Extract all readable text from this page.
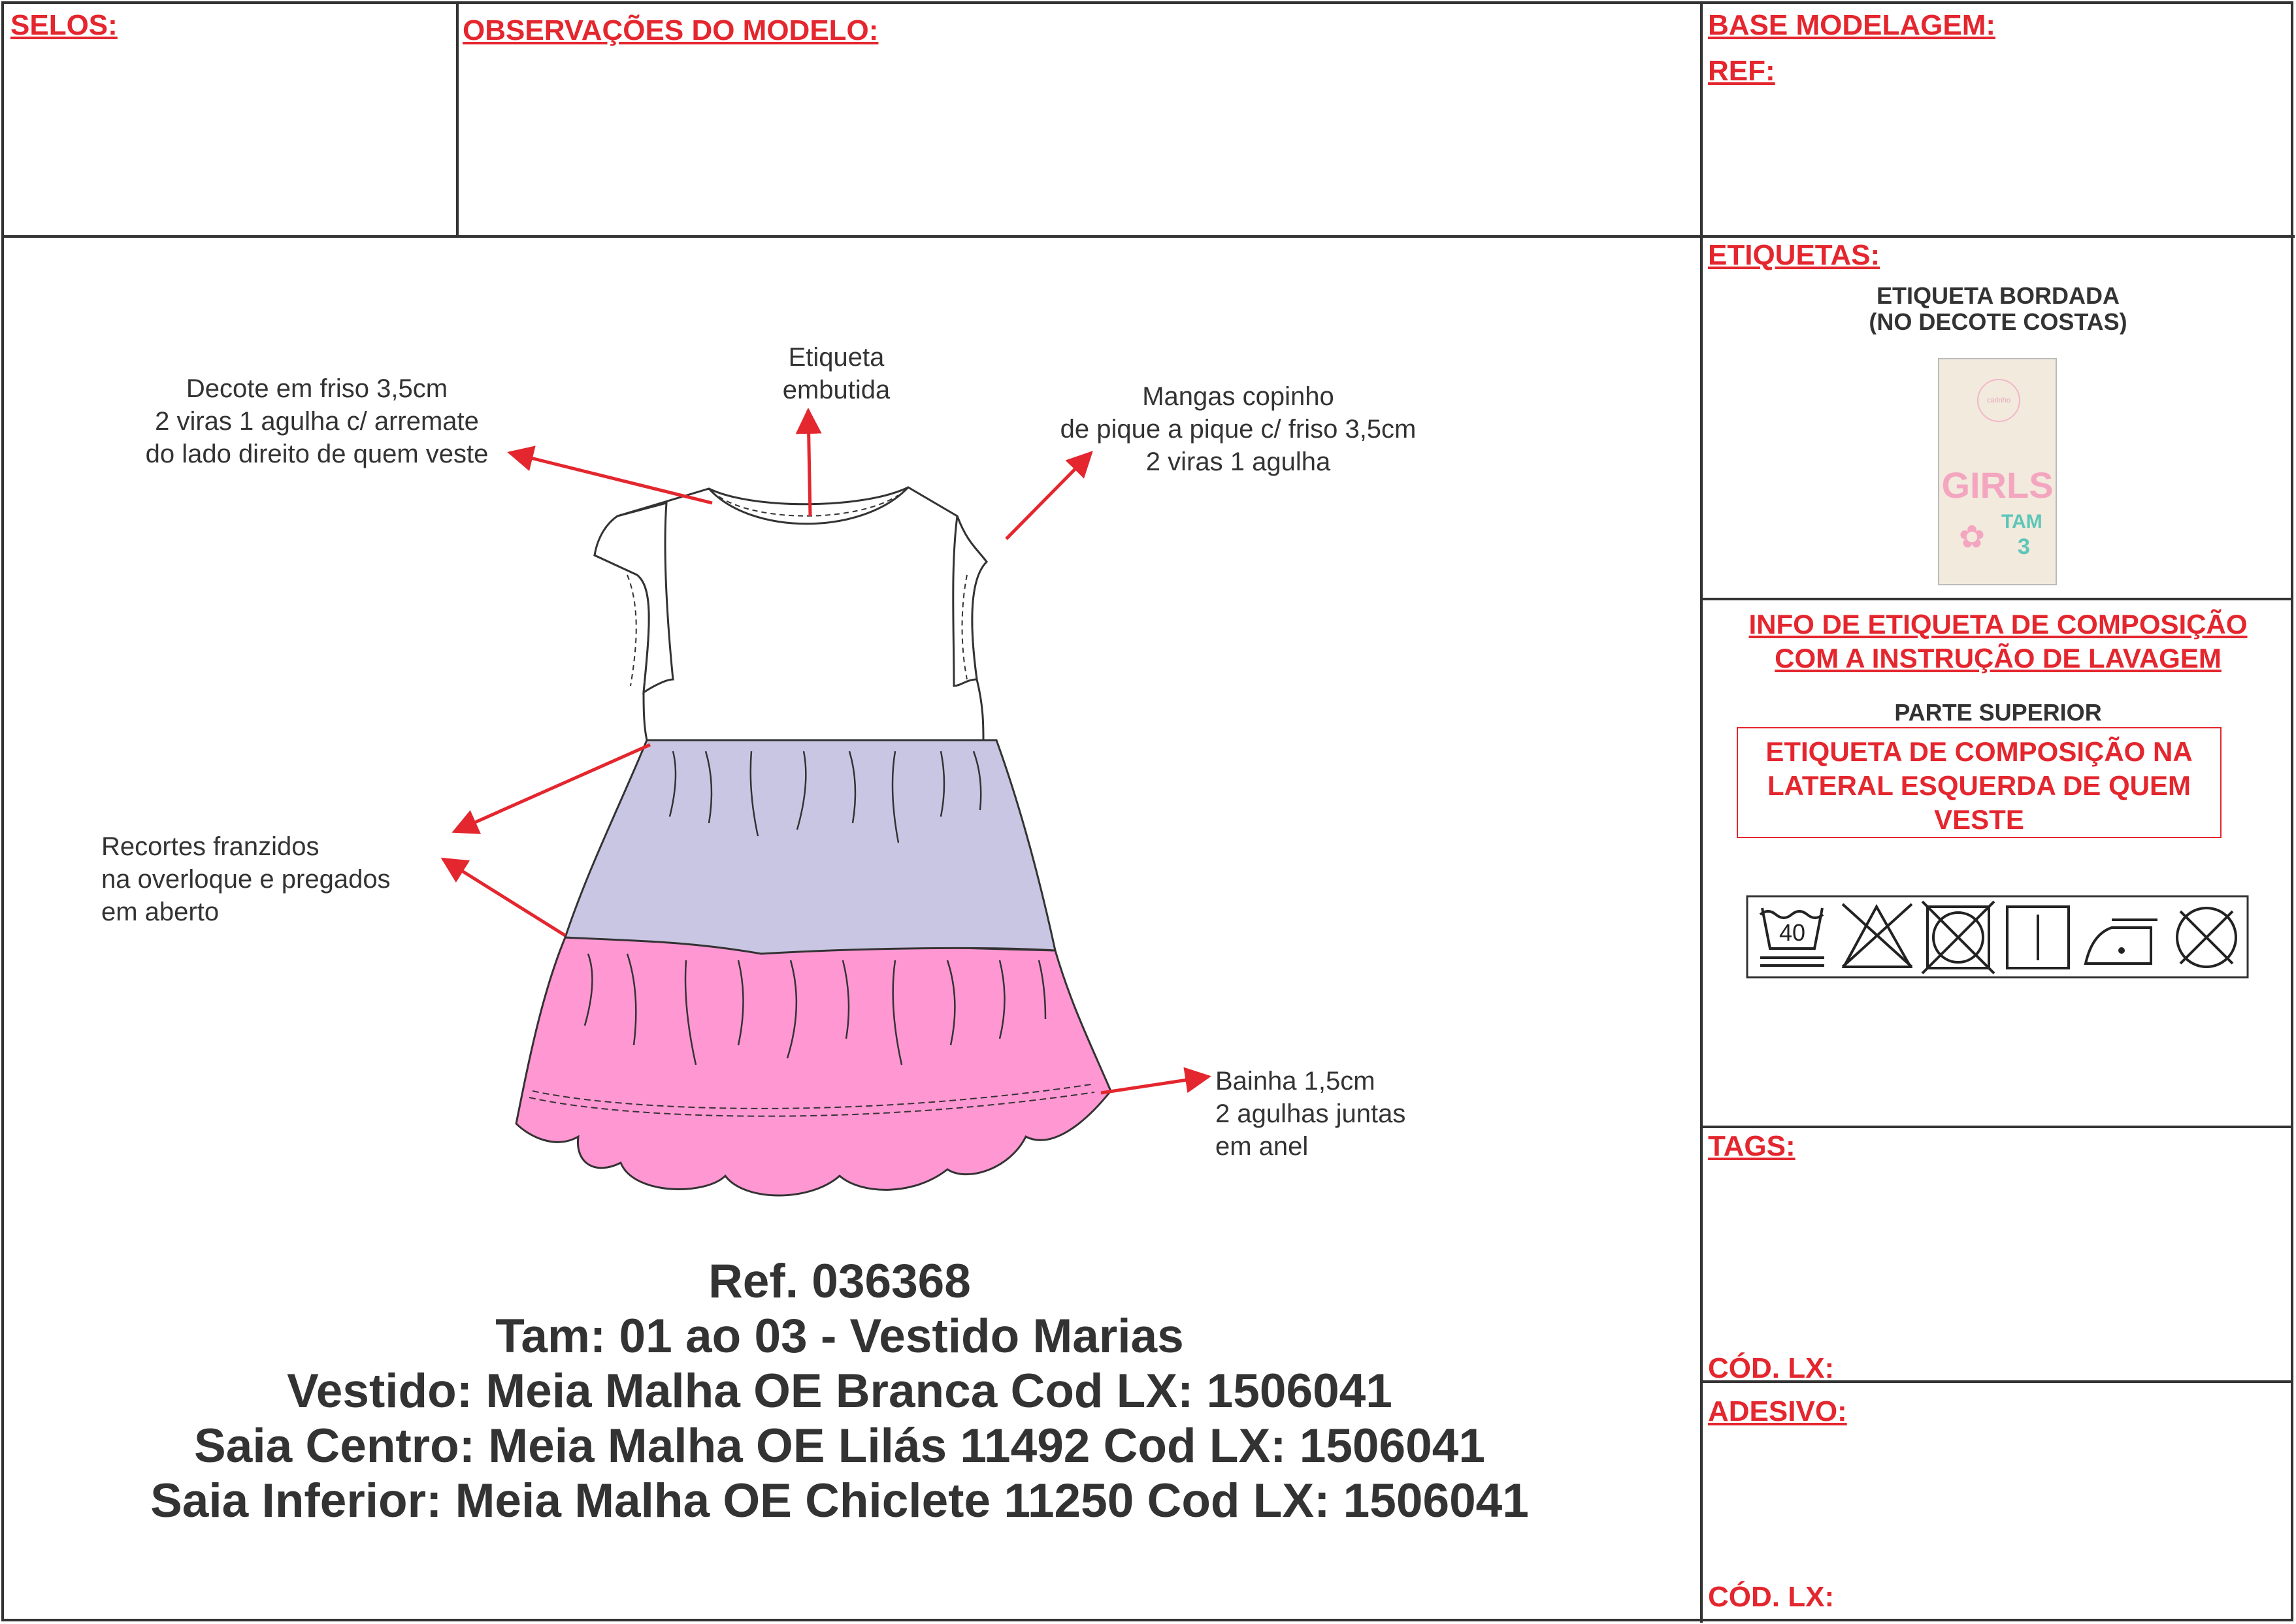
SELOS:	OBSERVAÇÕES DO MODELO:	BASE MODELAGEM:
REF:
Decote em friso 3,5cm
2 viras 1 agulha c/ arremate
do lado direito de quem veste
Etiqueta
embutida	Mangas copinho
de pique a pique c/ friso 3,5cm
2 viras 1 agulha
Recortes franzidos
na overloque e pregados
em aberto
Bainha 1,5cm
2 agulhas juntas
em anel
Ref. 036368
Tam: 01 ao 03 - Vestido Marias
Vestido: Meia Malha OE Branca Cod LX: 1506041
Saia Centro: Meia Malha OE Lilás 11492 Cod LX: 1506041
Saia Inferior: Meia Malha OE Chiclete 11250 Cod LX: 1506041
ETIQUETAS:
ETIQUETA BORDADA
(NO DECOTE COSTAS)
carinho
GIRLS
TAM
3
✿
INFO DE ETIQUETA DE COMPOSIÇÃO
COM A INSTRUÇÃO DE LAVAGEM
PARTE SUPERIOR
ETIQUETA DE COMPOSIÇÃO NA LATERAL ESQUERDA DE QUEM VESTE
40
TAGS:
CÓD. LX:
ADESIVO:
CÓD. LX:
